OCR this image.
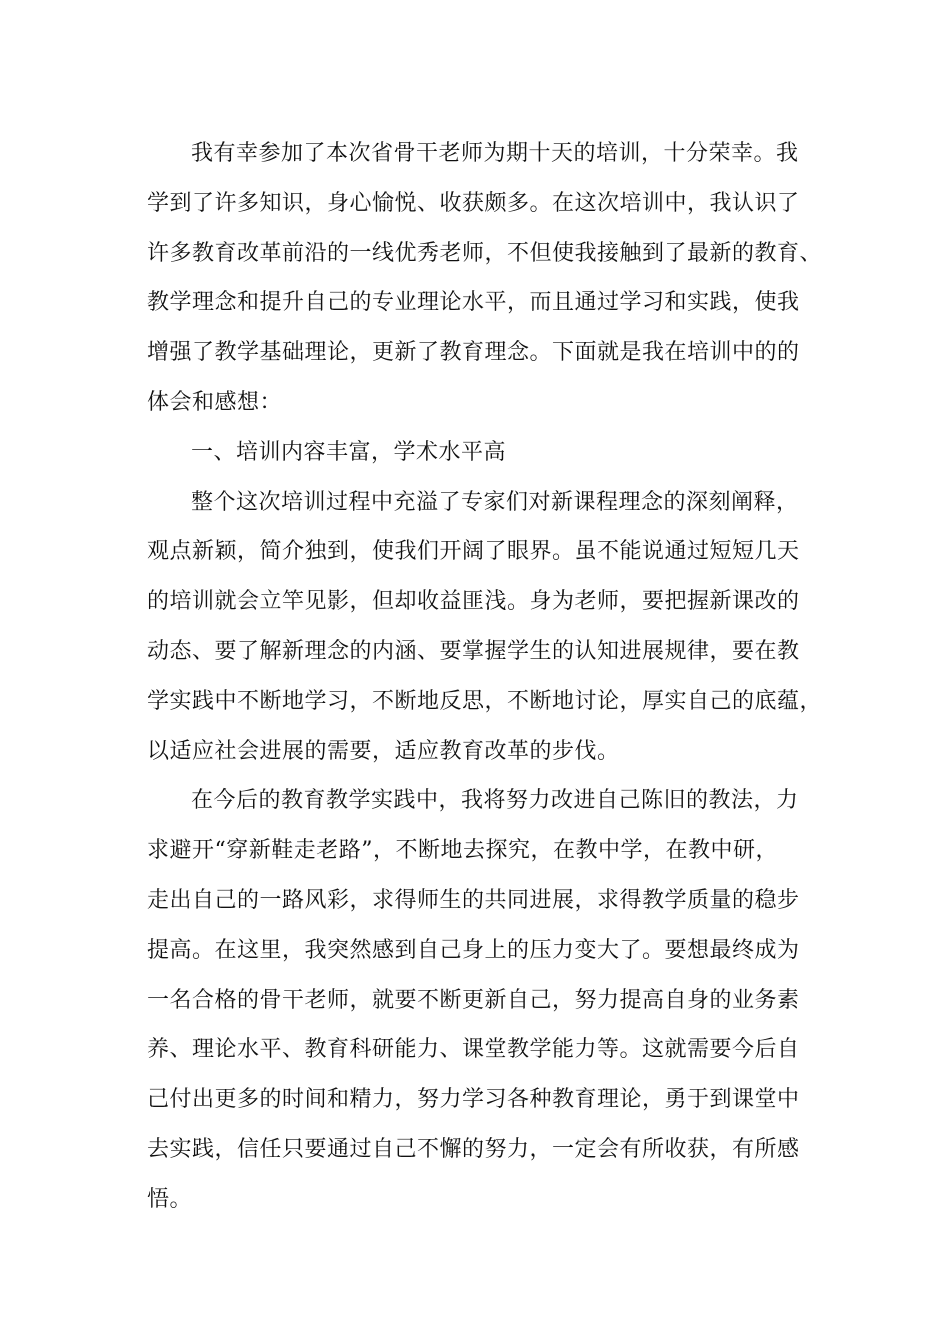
我有幸参加了本次省骨干老师为期十天的培训，十分荣幸。我
学到了许多知识，身心愉悦、收获颇多。在这次培训中，我认识了
许多教育改革前沿的一线优秀老师，不但使我接触到了最新的教育、
教学理念和提升自己的专业理论水平，而且通过学习和实践，使我
增强了教学基础理论，更新了教育理念。下面就是我在培训中的的
体会和感想：
一、培训内容丰富，学术水平高
整个这次培训过程中充溢了专家们对新课程理念的深刻阐释，
观点新颖，简介独到，使我们开阔了眼界。虽不能说通过短短几天
的培训就会立竿见影，但却收益匪浅。身为老师，要把握新课改的
动态、要了解新理念的内涵、要掌握学生的认知进展规律，要在教
学实践中不断地学习，不断地反思，不断地讨论，厚实自己的底蕴，
以适应社会进展的需要，适应教育改革的步伐。
在今后的教育教学实践中，我将努力改进自己陈旧的教法，力
求避开“穿新鞋走老路”，不断地去探究，在教中学，在教中研，
走出自己的一路风彩，求得师生的共同进展，求得教学质量的稳步
提高。在这里，我突然感到自己身上的压力变大了。要想最终成为
一名合格的骨干老师，就要不断更新自己，努力提高自身的业务素
养、理论水平、教育科研能力、课堂教学能力等。这就需要今后自
己付出更多的时间和精力，努力学习各种教育理论，勇于到课堂中
去实践，信任只要通过自己不懈的努力，一定会有所收获，有所感
悟。
